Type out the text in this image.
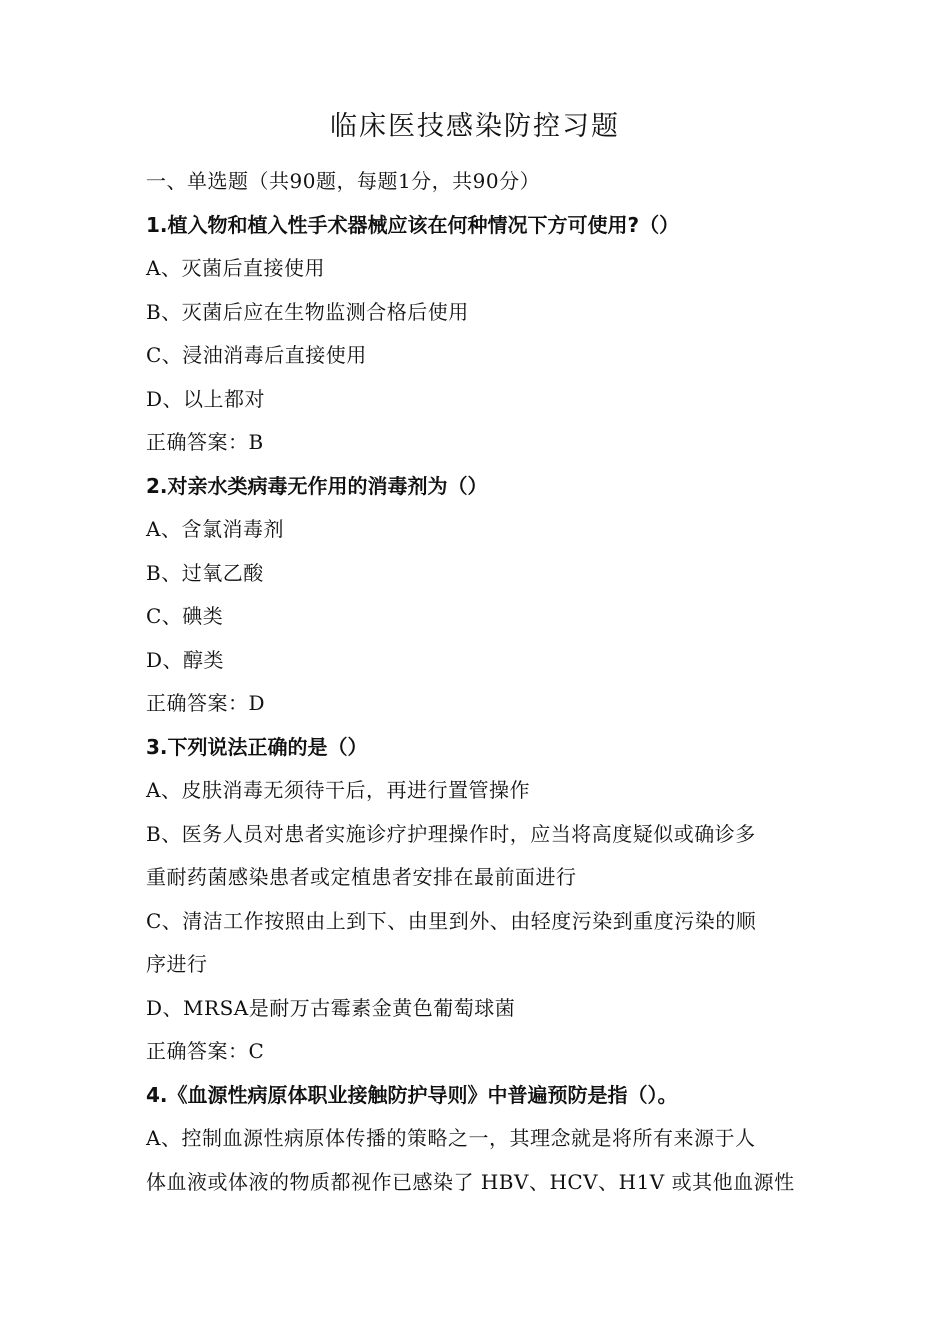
临床医技感染防控习题
一、单选题（共90题，每题1分，共90分）
1.植入物和植入性手术器械应该在何种情况下方可使用?（）
A、灭菌后直接使用
B、灭菌后应在生物监测合格后使用
C、浸油消毒后直接使用
D、以上都对
正确答案：B
2.对亲水类病毒无作用的消毒剂为（）
A、含氯消毒剂
B、过氧乙酸
C、碘类
D、醇类
正确答案：D
3.下列说法正确的是（）
A、皮肤消毒无须待干后，再进行置管操作
B、医务人员对患者实施诊疗护理操作时，应当将高度疑似或确诊多
重耐药菌感染患者或定植患者安排在最前面进行
C、清洁工作按照由上到下、由里到外、由轻度污染到重度污染的顺
序进行
D、MRSA是耐万古霉素金黄色葡萄球菌
正确答案：C
4.《血源性病原体职业接触防护导则》中普遍预防是指（）。
A、控制血源性病原体传播的策略之一，其理念就是将所有来源于人
体血液或体液的物质都视作已感染了 HBV、HCV、H1V 或其他血源性
